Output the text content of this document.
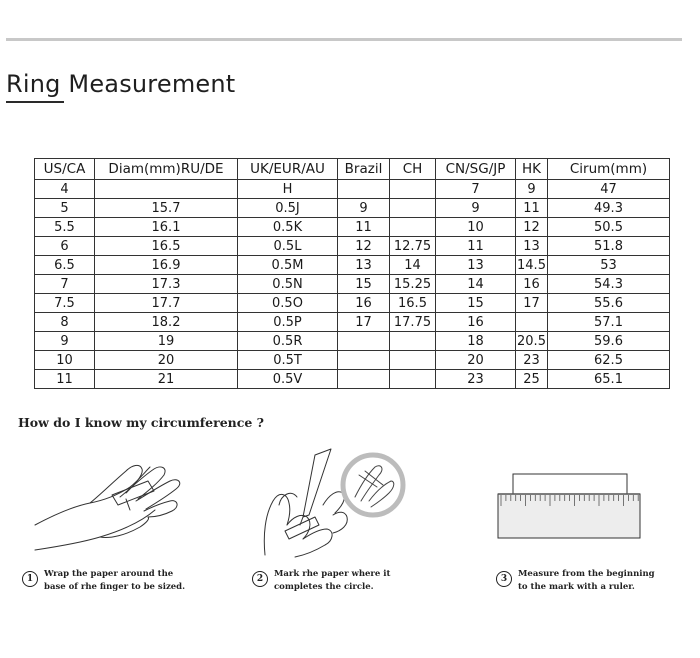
Ring Measurement
US/CA	Diam(mm)RU/DE	UK/EUR/AU	Brazil	CH	CN/SG/JP	HK	Cirum(mm)
4		H			7	9	47
5	15.7	0.5J	9		9	11	49.3
5.5	16.1	0.5K	11		10	12	50.5
6	16.5	0.5L	12	12.75	11	13	51.8
6.5	16.9	0.5M	13	14	13	14.5	53
7	17.3	0.5N	15	15.25	14	16	54.3
7.5	17.7	0.5O	16	16.5	15	17	55.6
8	18.2	0.5P	17	17.75	16		57.1
9	19	0.5R			18	20.5	59.6
10	20	0.5T			20	23	62.5
11	21	0.5V			23	25	65.1
How do I know my circumference ?
1	Wrap the paper around the
base of rhe finger to be sized.
2	Mark rhe paper where it
completes the circle.
3	Measure from the beginning
to the mark with a ruler.
